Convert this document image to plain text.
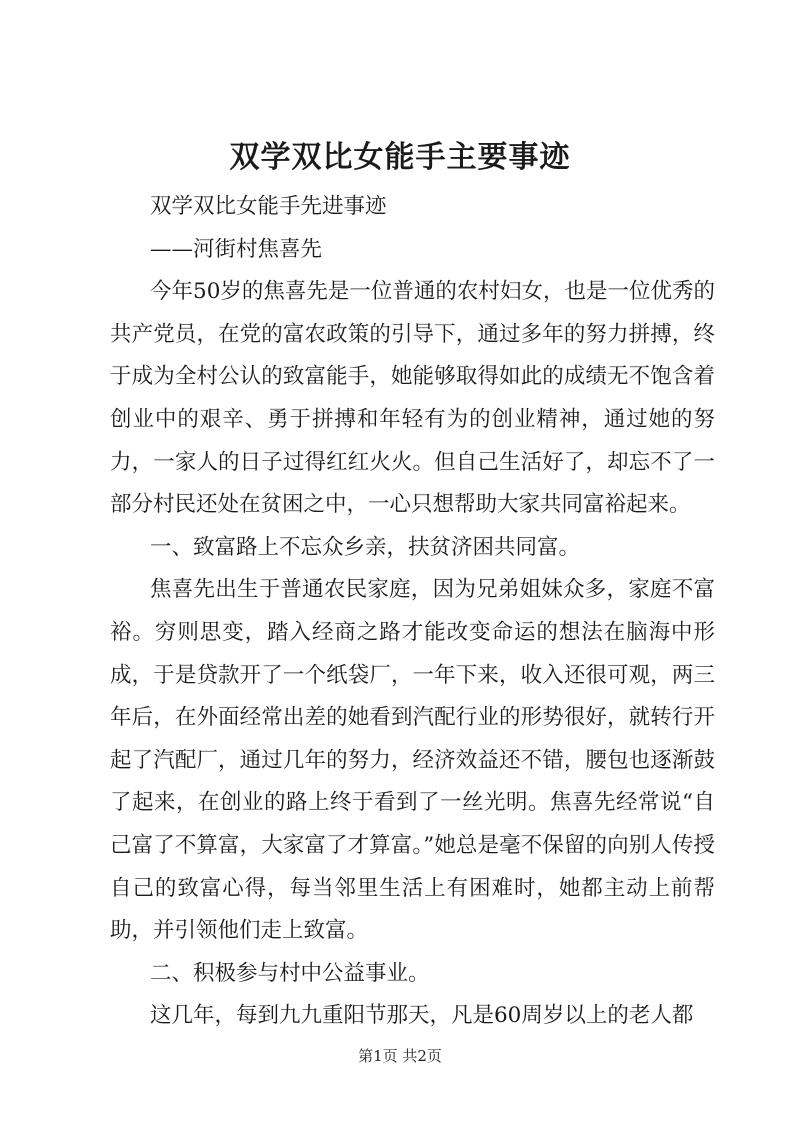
双学双比女能手主要事迹

双学双比女能手先进事迹

——河街村焦喜先

今年50岁的焦喜先是一位普通的农村妇女，也是一位优秀的共产党员，在党的富农政策的引导下，通过多年的努力拼搏，终于成为全村公认的致富能手，她能够取得如此的成绩无不饱含着创业中的艰辛、勇于拼搏和年轻有为的创业精神，通过她的努力，一家人的日子过得红红火火。但自己生活好了，却忘不了一部分村民还处在贫困之中，一心只想帮助大家共同富裕起来。

一、致富路上不忘众乡亲，扶贫济困共同富。

焦喜先出生于普通农民家庭，因为兄弟姐妹众多，家庭不富裕。穷则思变，踏入经商之路才能改变命运的想法在脑海中形成，于是贷款开了一个纸袋厂，一年下来，收入还很可观，两三年后，在外面经常出差的她看到汽配行业的形势很好，就转行开起了汽配厂，通过几年的努力，经济效益还不错，腰包也逐渐鼓了起来，在创业的路上终于看到了一丝光明。焦喜先经常说“自己富了不算富，大家富了才算富。”她总是毫不保留的向别人传授自己的致富心得，每当邻里生活上有困难时，她都主动上前帮助，并引领他们走上致富。

二、积极参与村中公益事业。

这几年，每到九九重阳节那天，凡是60周岁以上的老人都

第1页 共2页
